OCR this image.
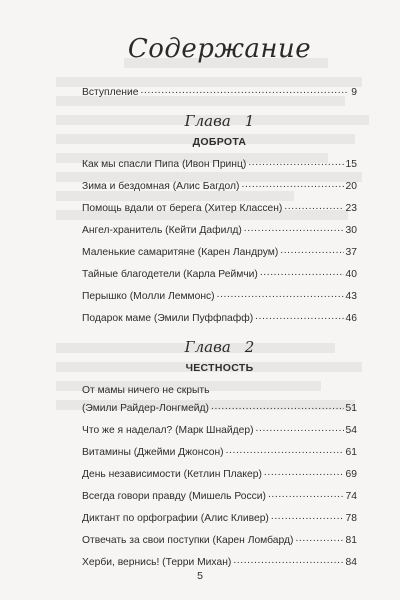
Содержание
Вступление .....	9
Глава 1
ДОБРОТА
Как мы спасли Пипа (Ивон Принц) .....	15
Зима и бездомная (Алис Багдол) .....	20
Помощь вдали от берега (Хитер Классен) .....	23
Ангел-хранитель (Кейти Дафилд) .....	30
Маленькие самаритяне (Карен Ландрум) .....	37
Тайные благодетели (Карла Реймчи) .....	40
Перышко (Молли Леммонс) .....	43
Подарок маме (Эмили Пуффпафф) .....	46
Глава 2
ЧЕСТНОСТЬ
От мамы ничего не скрыть
(Эмили Райдер-Лонгмейд) .....	51
Что же я наделал? (Марк Шнайдер) .....	54
Витамины (Джейми Джонсон) .....	61
День независимости (Кетлин Плакер) .....	69
Всегда говори правду (Мишель Росси) .....	74
Диктант по орфографии (Алис Кливер) .....	78
Отвечать за свои поступки (Карен Ломбард) .....	81
Херби, вернись! (Терри Михан) .....	84
5
